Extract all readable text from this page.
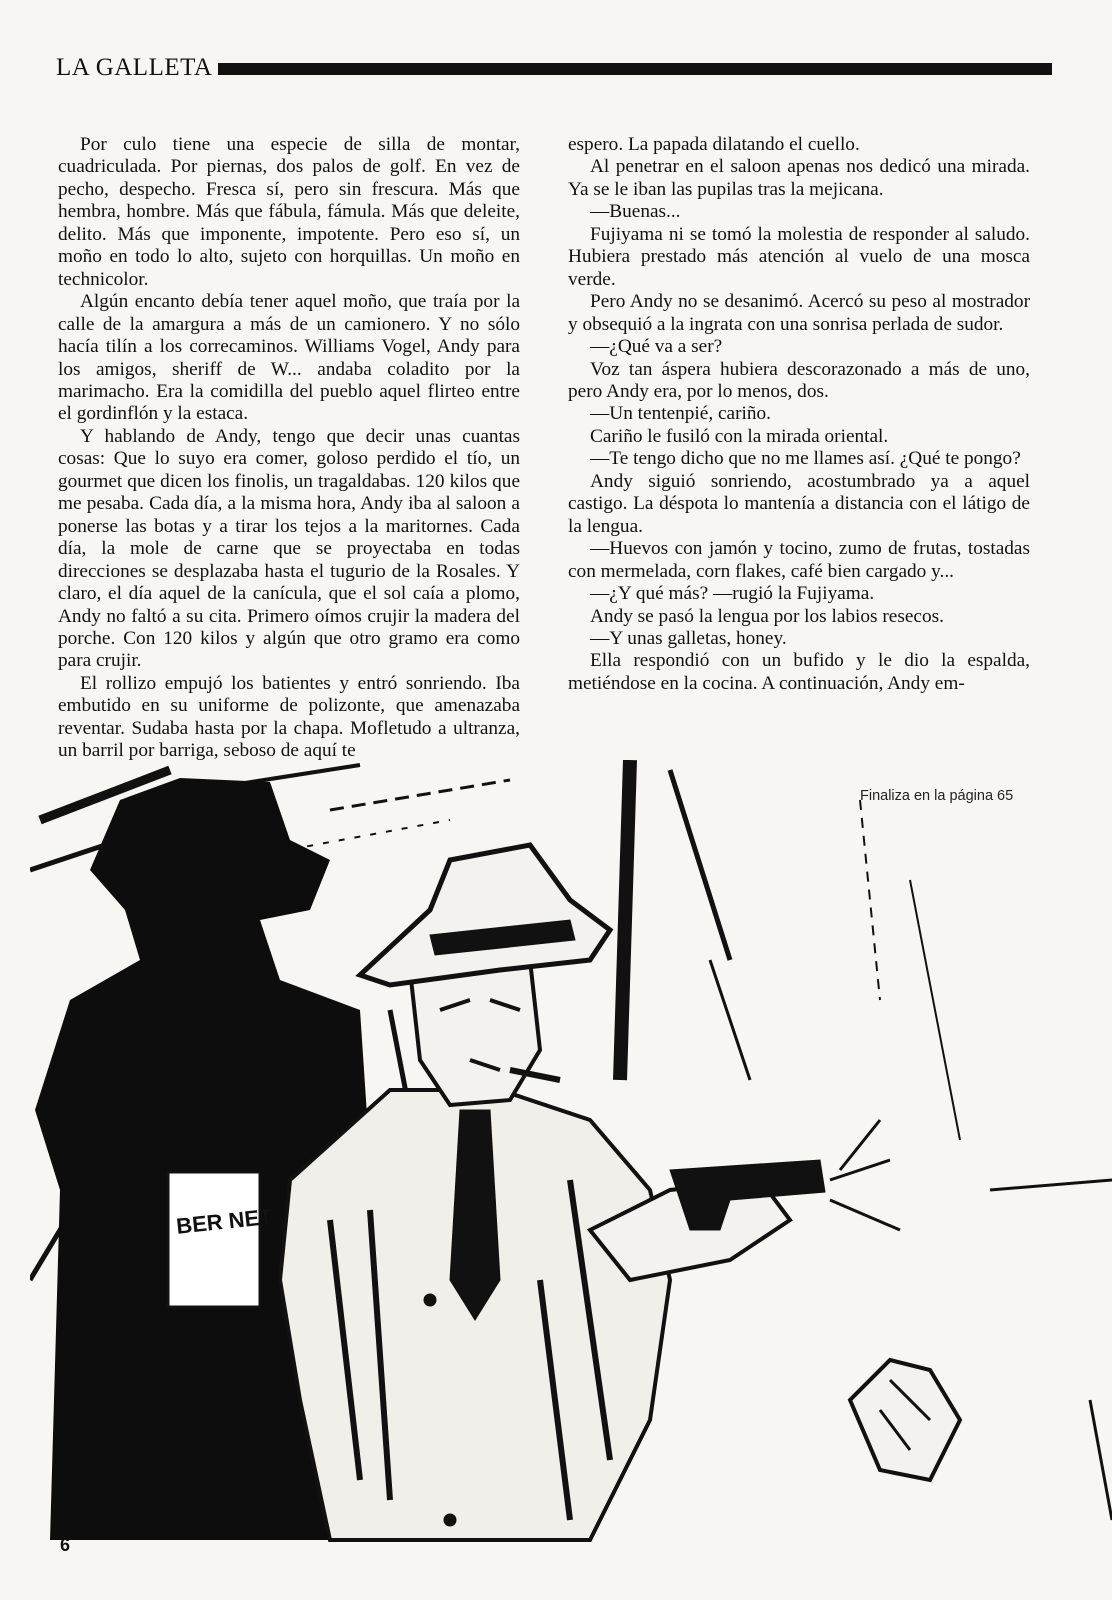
LA GALLETA

Por culo tiene una especie de silla de montar, cuadriculada. Por piernas, dos palos de golf. En vez de pecho, despecho. Fresca sí, pero sin frescura. Más que hembra, hombre. Más que fábula, fámula. Más que deleite, delito. Más que imponente, impotente. Pero eso sí, un moño en todo lo alto, sujeto con horquillas. Un moño en technicolor.

Algún encanto debía tener aquel moño, que traía por la calle de la amargura a más de un camionero. Y no sólo hacía tilín a los correcaminos. Williams Vogel, Andy para los amigos, sheriff de W... andaba coladito por la marimacho. Era la comidilla del pueblo aquel flirteo entre el gordinflón y la estaca.

Y hablando de Andy, tengo que decir unas cuantas cosas: Que lo suyo era comer, goloso perdido el tío, un gourmet que dicen los finolis, un tragaldabas. 120 kilos que me pesaba. Cada día, a la misma hora, Andy iba al saloon a ponerse las botas y a tirar los tejos a la maritornes. Cada día, la mole de carne que se proyectaba en todas direcciones se desplazaba hasta el tugurio de la Rosales. Y claro, el día aquel de la canícula, que el sol caía a plomo, Andy no faltó a su cita. Primero oímos crujir la madera del porche. Con 120 kilos y algún que otro gramo era como para crujir.

El rollizo empujó los batientes y entró sonriendo. Iba embutido en su uniforme de polizonte, que amenazaba reventar. Sudaba hasta por la chapa. Mofletudo a ultranza, un barril por barriga, seboso de aquí te

espero. La papada dilatando el cuello.

Al penetrar en el saloon apenas nos dedicó una mirada. Ya se le iban las pupilas tras la mejicana.

—Buenas...

Fujiyama ni se tomó la molestia de responder al saludo. Hubiera prestado más atención al vuelo de una mosca verde.

Pero Andy no se desanimó. Acercó su peso al mostrador y obsequió a la ingrata con una sonrisa perlada de sudor.

—¿Qué va a ser?

Voz tan áspera hubiera descorazonado a más de uno, pero Andy era, por lo menos, dos.

—Un tentenpié, cariño.

Cariño le fusiló con la mirada oriental.

—Te tengo dicho que no me llames así. ¿Qué te pongo?

Andy siguió sonriendo, acostumbrado ya a aquel castigo. La déspota lo mantenía a distancia con el látigo de la lengua.

—Huevos con jamón y tocino, zumo de frutas, tostadas con mermelada, corn flakes, café bien cargado y...

—¿Y qué más? —rugió la Fujiyama.

Andy se pasó la lengua por los labios resecos.

—Y unas galletas, honey.

Ella respondió con un bufido y le dio la espalda, metiéndose en la cocina. A continuación, Andy em-

BER NET
Finaliza en la página 65
6
